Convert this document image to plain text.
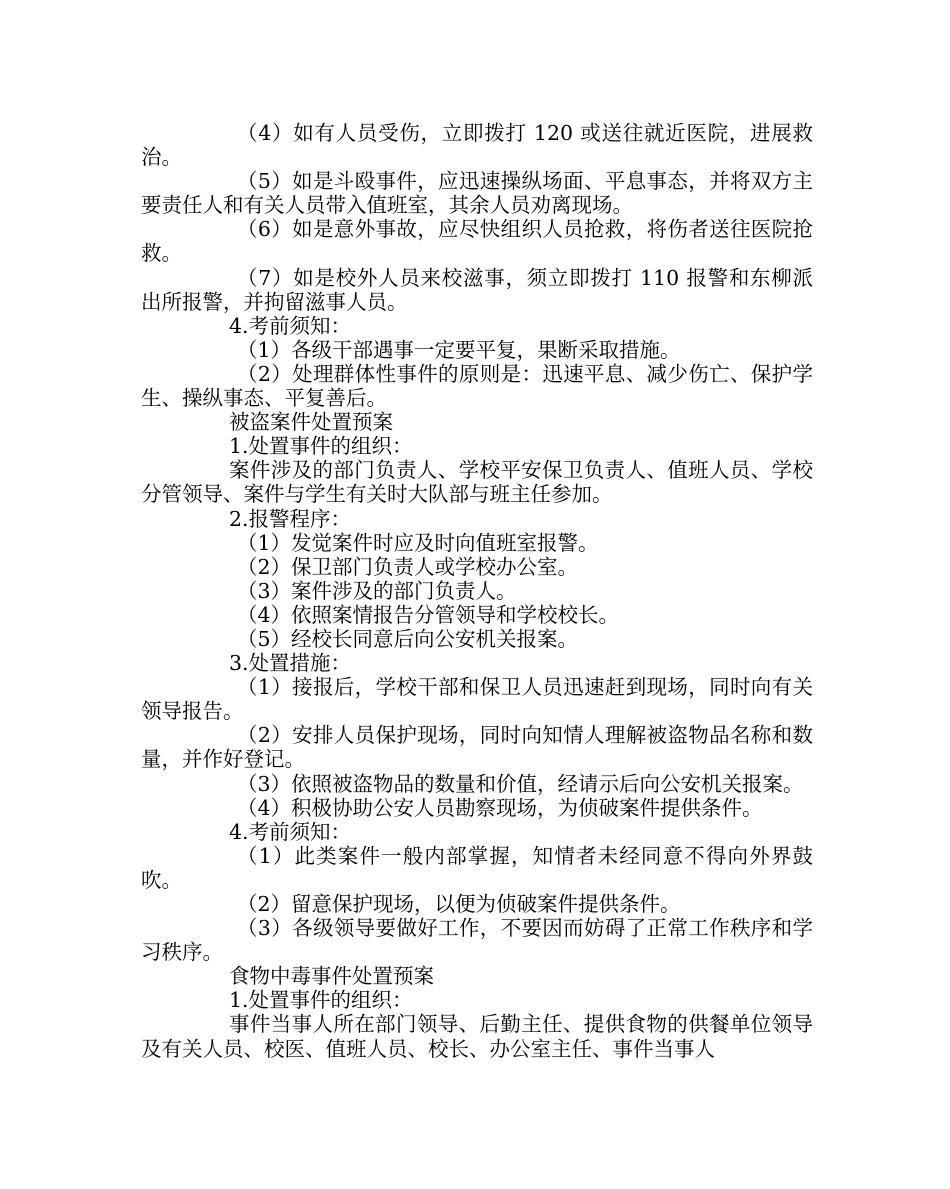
（4）如有人员受伤，立即拨打 120 或送往就近医院，进展救治。

（5）如是斗殴事件，应迅速操纵场面、平息事态，并将双方主要责任人和有关人员带入值班室，其余人员劝离现场。

（6）如是意外事故，应尽快组织人员抢救，将伤者送往医院抢救。

（7）如是校外人员来校滋事，须立即拨打 110 报警和东柳派出所报警，并拘留滋事人员。

4.考前须知：

（1）各级干部遇事一定要平复，果断采取措施。

（2）处理群体性事件的原则是：迅速平息、减少伤亡、保护学生、操纵事态、平复善后。

被盗案件处置预案

1.处置事件的组织：

案件涉及的部门负责人、学校平安保卫负责人、值班人员、学校分管领导、案件与学生有关时大队部与班主任参加。

2.报警程序：

（1）发觉案件时应及时向值班室报警。

（2）保卫部门负责人或学校办公室。

（3）案件涉及的部门负责人。

（4）依照案情报告分管领导和学校校长。

（5）经校长同意后向公安机关报案。

3.处置措施：

（1）接报后，学校干部和保卫人员迅速赶到现场，同时向有关领导报告。

（2）安排人员保护现场，同时向知情人理解被盗物品名称和数量，并作好登记。

（3）依照被盗物品的数量和价值，经请示后向公安机关报案。

（4）积极协助公安人员勘察现场，为侦破案件提供条件。

4.考前须知：

（1）此类案件一般内部掌握，知情者未经同意不得向外界鼓吹。

（2）留意保护现场，以便为侦破案件提供条件。

（3）各级领导要做好工作，不要因而妨碍了正常工作秩序和学习秩序。

食物中毒事件处置预案

1.处置事件的组织：

事件当事人所在部门领导、后勤主任、提供食物的供餐单位领导及有关人员、校医、值班人员、校长、办公室主任、事件当事人
